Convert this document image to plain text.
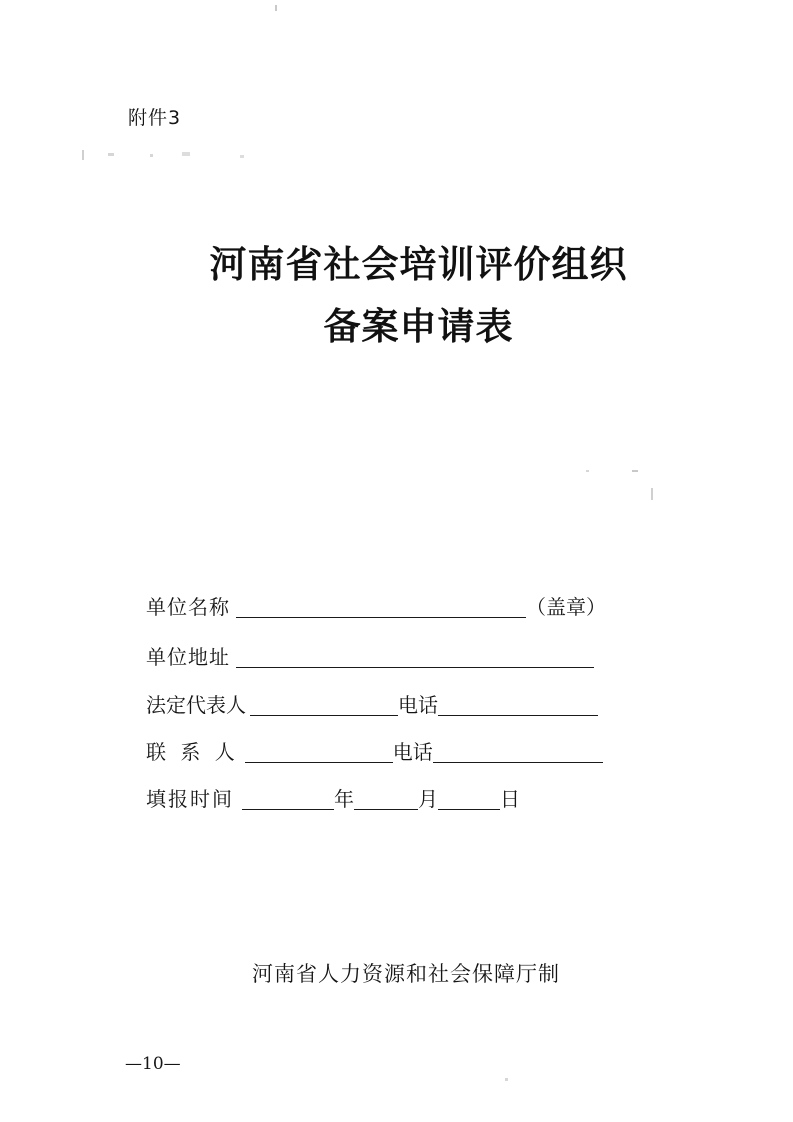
附件3
河南省社会培训评价组织
备案申请表
单位名称	（盖章）
单位地址
法定代表人	电话
联 系 人	电话
填报时间	年	月	日
河南省人力资源和社会保障厅制
—10—
